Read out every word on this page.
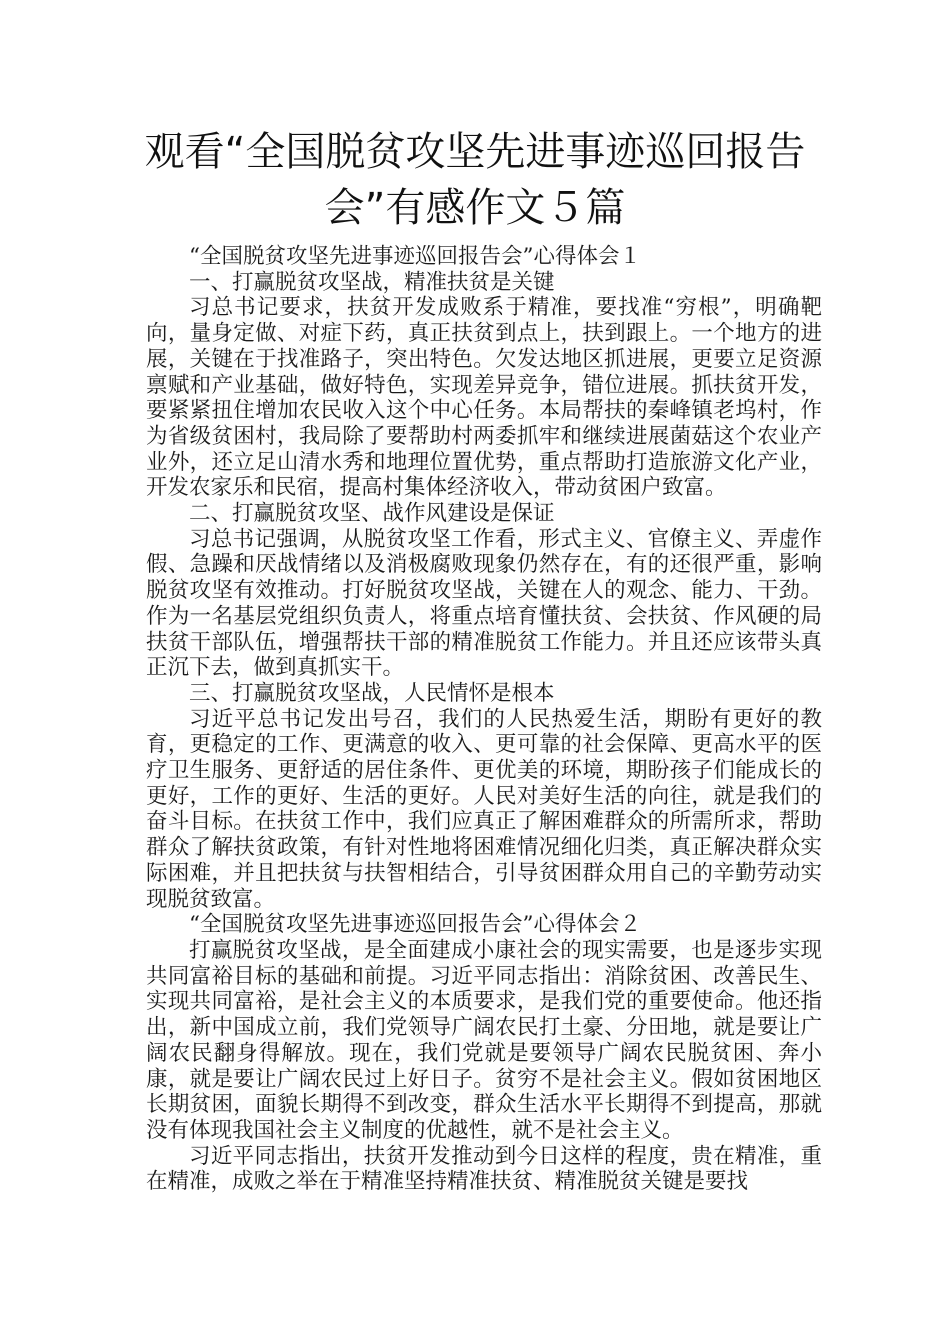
观看“全国脱贫攻坚先进事迹巡回报告
会”有感作文５篇

“全国脱贫攻坚先进事迹巡回报告会”心得体会１

一、打赢脱贫攻坚战，精准扶贫是关键

习总书记要求，扶贫开发成败系于精准，要找准“穷根”，明确靶向，量身定做、对症下药，真正扶贫到点上，扶到跟上。一个地方的进展，关键在于找准路子，突出特色。欠发达地区抓进展，更要立足资源禀赋和产业基础，做好特色，实现差异竞争，错位进展。抓扶贫开发，要紧紧扭住增加农民收入这个中心任务。本局帮扶的秦峰镇老坞村，作为省级贫困村，我局除了要帮助村两委抓牢和继续进展菌菇这个农业产业外，还立足山清水秀和地理位置优势，重点帮助打造旅游文化产业，开发农家乐和民宿，提高村集体经济收入，带动贫困户致富。

二、打赢脱贫攻坚、战作风建设是保证

习总书记强调，从脱贫攻坚工作看，形式主义、官僚主义、弄虚作假、急躁和厌战情绪以及消极腐败现象仍然存在，有的还很严重，影响脱贫攻坚有效推动。打好脱贫攻坚战，关键在人的观念、能力、干劲。作为一名基层党组织负责人，将重点培育懂扶贫、会扶贫、作风硬的局扶贫干部队伍，增强帮扶干部的精准脱贫工作能力。并且还应该带头真正沉下去，做到真抓实干。

三、打赢脱贫攻坚战，人民情怀是根本

习近平总书记发出号召，我们的人民热爱生活，期盼有更好的教育，更稳定的工作、更满意的收入、更可靠的社会保障、更高水平的医疗卫生服务、更舒适的居住条件、更优美的环境，期盼孩子们能成长的更好，工作的更好、生活的更好。人民对美好生活的向往，就是我们的奋斗目标。在扶贫工作中，我们应真正了解困难群众的所需所求，帮助群众了解扶贫政策，有针对性地将困难情况细化归类，真正解决群众实际困难，并且把扶贫与扶智相结合，引导贫困群众用自己的辛勤劳动实现脱贫致富。

“全国脱贫攻坚先进事迹巡回报告会”心得体会２

打赢脱贫攻坚战，是全面建成小康社会的现实需要，也是逐步实现共同富裕目标的基础和前提。习近平同志指出：消除贫困、改善民生、实现共同富裕，是社会主义的本质要求，是我们党的重要使命。他还指出，新中国成立前，我们党领导广阔农民打土豪、分田地，就是要让广阔农民翻身得解放。现在，我们党就是要领导广阔农民脱贫困、奔小康，就是要让广阔农民过上好日子。贫穷不是社会主义。假如贫困地区长期贫困，面貌长期得不到改变，群众生活水平长期得不到提高，那就没有体现我国社会主义制度的优越性，就不是社会主义。

习近平同志指出，扶贫开发推动到今日这样的程度，贵在精准，重在精准，成败之举在于精准坚持精准扶贫、精准脱贫关键是要找
